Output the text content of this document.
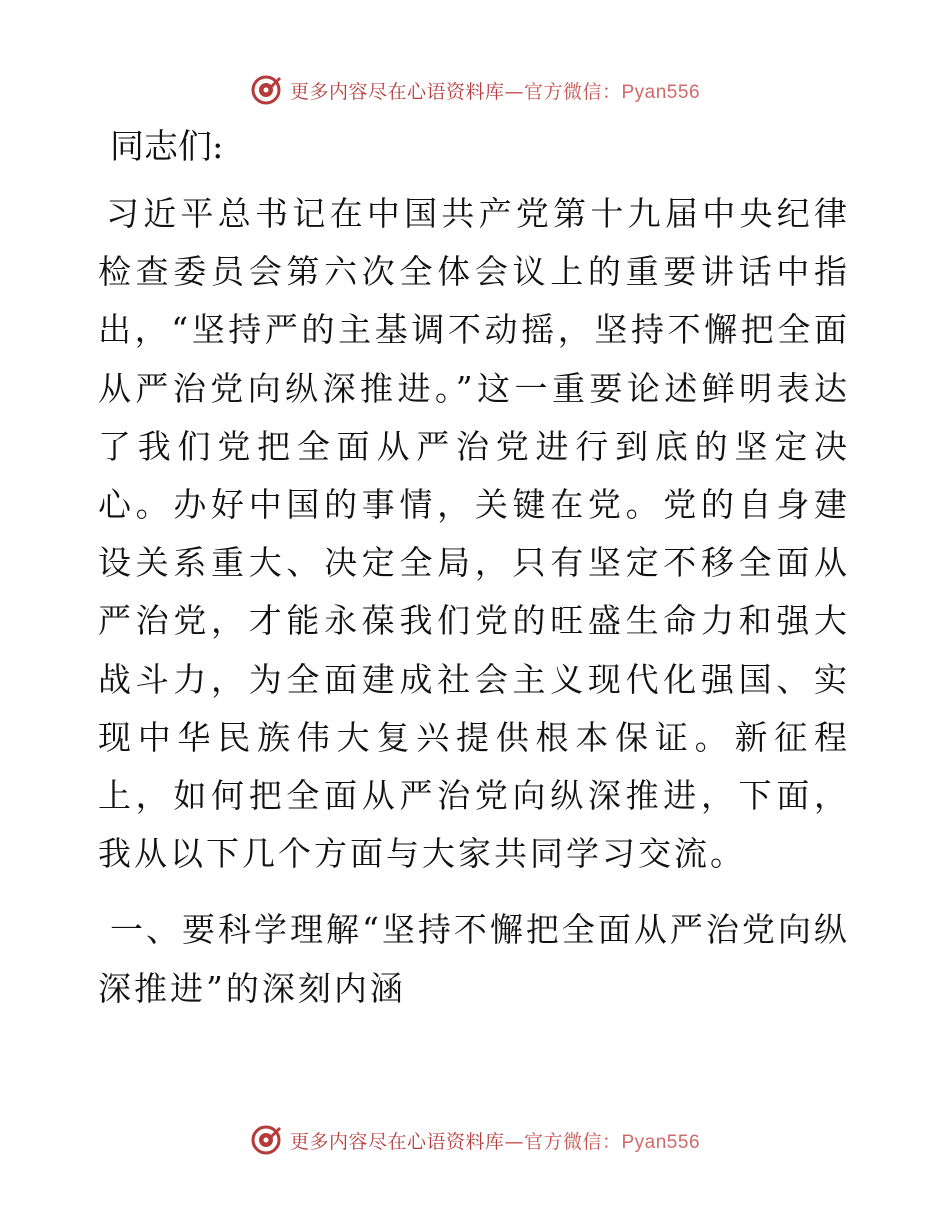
更多内容尽在心语资料库—官方微信：Pyan556

同志们:

习近平总书记在中国共产党第十九届中央纪律检查委员会第六次全体会议上的重要讲话中指出，“坚持严的主基调不动摇，坚持不懈把全面从严治党向纵深推进。”这一重要论述鲜明表达了我们党把全面从严治党进行到底的坚定决心。办好中国的事情，关键在党。党的自身建设关系重大、决定全局，只有坚定不移全面从严治党，才能永葆我们党的旺盛生命力和强大战斗力，为全面建成社会主义现代化强国、实现中华民族伟大复兴提供根本保证。新征程上，如何把全面从严治党向纵深推进，下面，我从以下几个方面与大家共同学习交流。

一、要科学理解“坚持不懈把全面从严治党向纵深推进”的深刻内涵

更多内容尽在心语资料库—官方微信：Pyan556
